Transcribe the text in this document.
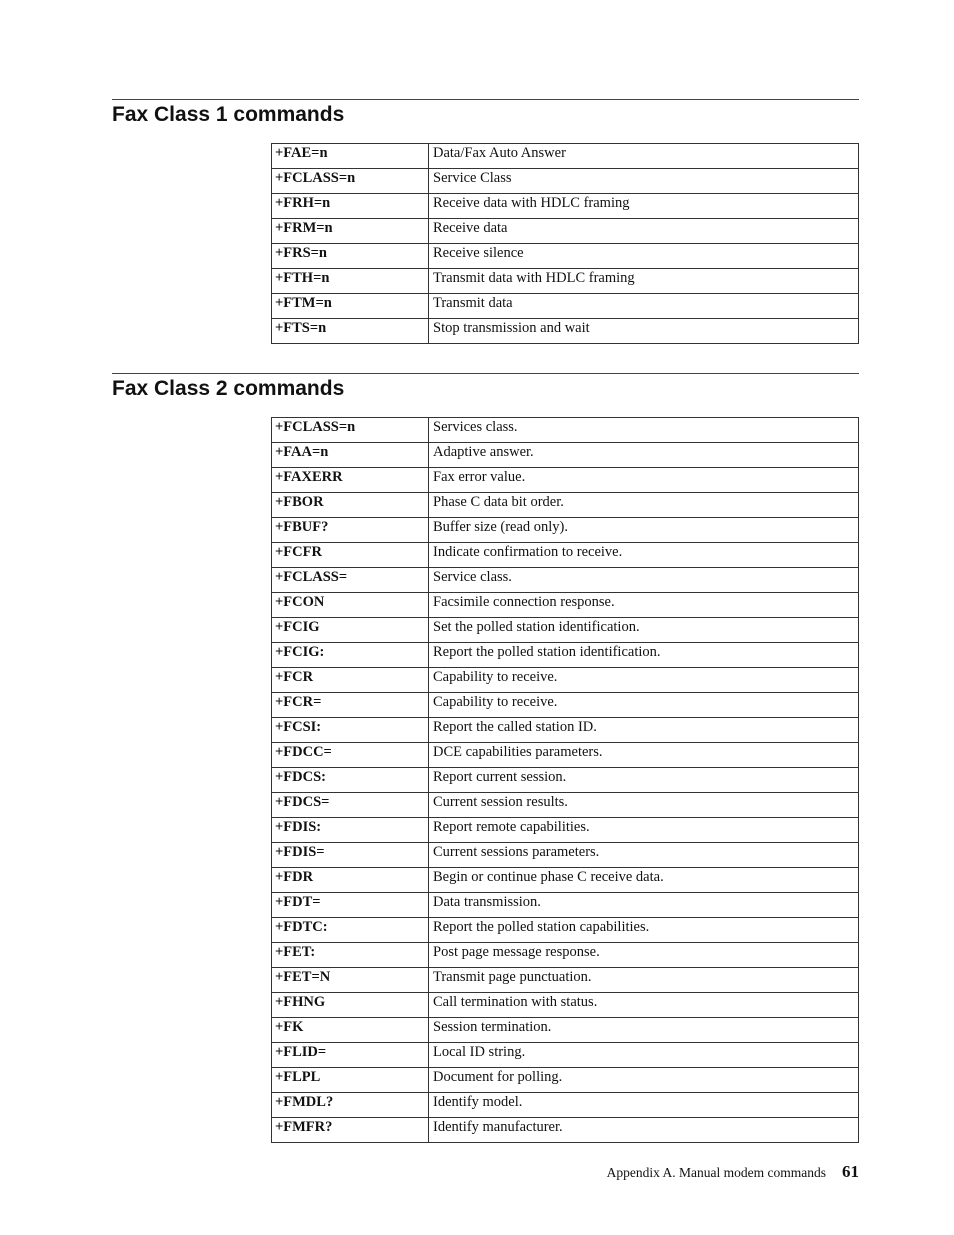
Fax Class 1 commands
+FAE=n	Data/Fax Auto Answer
+FCLASS=n	Service Class
+FRH=n	Receive data with HDLC framing
+FRM=n	Receive data
+FRS=n	Receive silence
+FTH=n	Transmit data with HDLC framing
+FTM=n	Transmit data
+FTS=n	Stop transmission and wait
Fax Class 2 commands
+FCLASS=n	Services class.
+FAA=n	Adaptive answer.
+FAXERR	Fax error value.
+FBOR	Phase C data bit order.
+FBUF?	Buffer size (read only).
+FCFR	Indicate confirmation to receive.
+FCLASS=	Service class.
+FCON	Facsimile connection response.
+FCIG	Set the polled station identification.
+FCIG:	Report the polled station identification.
+FCR	Capability to receive.
+FCR=	Capability to receive.
+FCSI:	Report the called station ID.
+FDCC=	DCE capabilities parameters.
+FDCS:	Report current session.
+FDCS=	Current session results.
+FDIS:	Report remote capabilities.
+FDIS=	Current sessions parameters.
+FDR	Begin or continue phase C receive data.
+FDT=	Data transmission.
+FDTC:	Report the polled station capabilities.
+FET:	Post page message response.
+FET=N	Transmit page punctuation.
+FHNG	Call termination with status.
+FK	Session termination.
+FLID=	Local ID string.
+FLPL	Document for polling.
+FMDL?	Identify model.
+FMFR?	Identify manufacturer.
Appendix A. Manual modem commands 61
